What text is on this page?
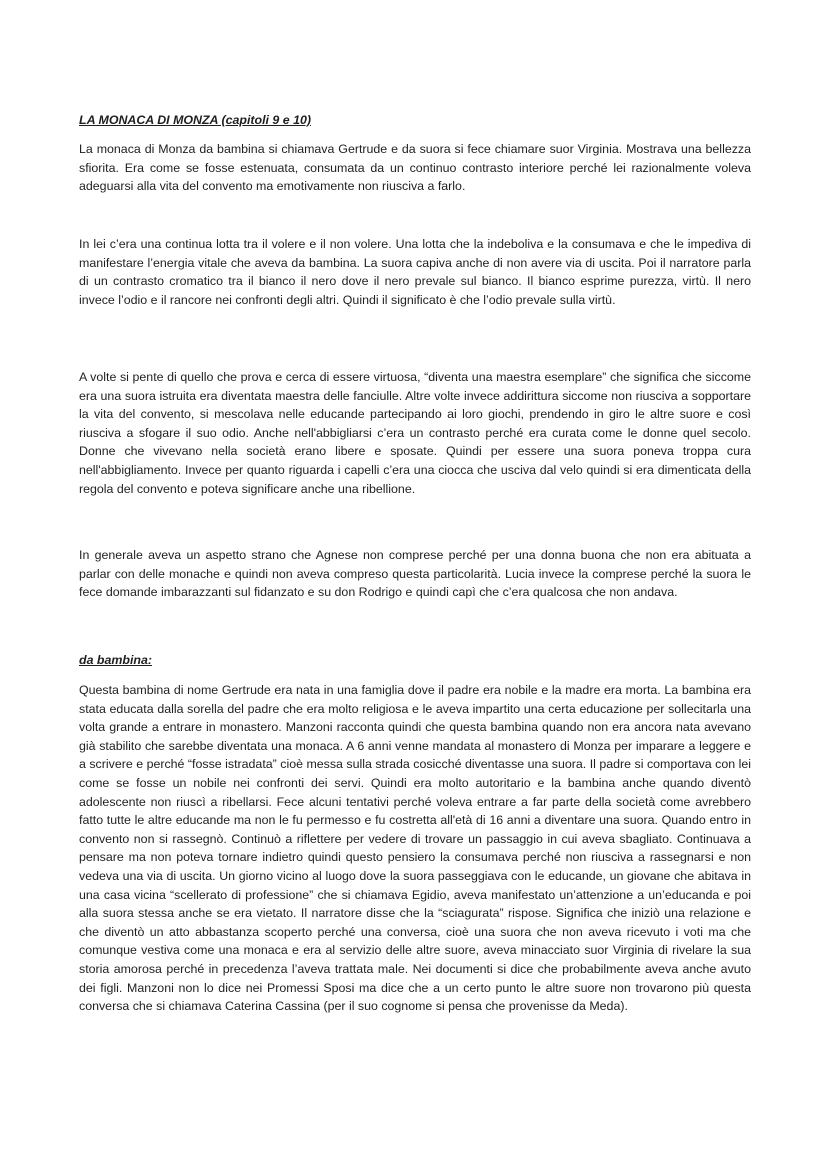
LA MONACA DI MONZA (capitoli 9 e 10)

La monaca di Monza da bambina si chiamava Gertrude e da suora si fece chiamare suor Virginia. Mostrava una bellezza sfiorita. Era come se fosse estenuata, consumata da un continuo contrasto interiore perché lei razionalmente voleva adeguarsi alla vita del convento ma emotivamente non riusciva a farlo.

In lei c’era una continua lotta tra il volere e il non volere. Una lotta che la indeboliva e la consumava e che le impediva di manifestare l’energia vitale che aveva da bambina. La suora capiva anche di non avere via di uscita. Poi il narratore parla di un contrasto cromatico tra il bianco il nero dove il nero prevale sul bianco. Il bianco esprime purezza, virtù. Il nero invece l’odio e il rancore nei confronti degli altri. Quindi il significato è che l’odio prevale sulla virtù.

A volte si pente di quello che prova e cerca di essere virtuosa, “diventa una maestra esemplare” che significa che siccome era una suora istruita era diventata maestra delle fanciulle. Altre volte invece addirittura siccome non riusciva a sopportare la vita del convento, si mescolava nelle educande partecipando ai loro giochi, prendendo in giro le altre suore e così riusciva a sfogare il suo odio. Anche nell'abbigliarsi c’era un contrasto perché era curata come le donne quel secolo. Donne che vivevano nella società erano libere e sposate. Quindi per essere una suora poneva troppa cura nell'abbigliamento. Invece per quanto riguarda i capelli c’era una ciocca che usciva dal velo quindi si era dimenticata della regola del convento e poteva significare anche una ribellione.

In generale aveva un aspetto strano che Agnese non comprese perché per una donna buona che non era abituata a parlar con delle monache e quindi non aveva compreso questa particolarità. Lucia invece la comprese perché la suora le fece domande imbarazzanti sul fidanzato e su don Rodrigo e quindi capì che c’era qualcosa che non andava.

da bambina:

Questa bambina di nome Gertrude era nata in una famiglia dove il padre era nobile e la madre era morta. La bambina era stata educata dalla sorella del padre che era molto religiosa e le aveva impartito una certa educazione per sollecitarla una volta grande a entrare in monastero. Manzoni racconta quindi che questa bambina quando non era ancora nata avevano già stabilito che sarebbe diventata una monaca. A 6 anni venne mandata al monastero di Monza per imparare a leggere e a scrivere e perché “fosse istradata” cioè messa sulla strada cosicché diventasse una suora. Il padre si comportava con lei come se fosse un nobile nei confronti dei servi. Quindi era molto autoritario e la bambina anche quando diventò adolescente non riuscì a ribellarsi. Fece alcuni tentativi perché voleva entrare a far parte della società come avrebbero fatto tutte le altre educande ma non le fu permesso e fu costretta all'età di 16 anni a diventare una suora. Quando entro in convento non si rassegnò. Continuò a riflettere per vedere di trovare un passaggio in cui aveva sbagliato. Continuava a pensare ma non poteva tornare indietro quindi questo pensiero la consumava perché non riusciva a rassegnarsi e non vedeva una via di uscita. Un giorno vicino al luogo dove la suora passeggiava con le educande, un giovane che abitava in una casa vicina “scellerato di professione” che si chiamava Egidio, aveva manifestato un’attenzione a un’educanda e poi alla suora stessa anche se era vietato. Il narratore disse che la “sciagurata” rispose. Significa che iniziò una relazione e che diventò un atto abbastanza scoperto perché una conversa, cioè una suora che non aveva ricevuto i voti ma che comunque vestiva come una monaca e era al servizio delle altre suore, aveva minacciato suor Virginia di rivelare la sua storia amorosa perché in precedenza l’aveva trattata male. Nei documenti si dice che probabilmente aveva anche avuto dei figli. Manzoni non lo dice nei Promessi Sposi ma dice che a un certo punto le altre suore non trovarono più questa conversa che si chiamava Caterina Cassina (per il suo cognome si pensa che provenisse da Meda).
